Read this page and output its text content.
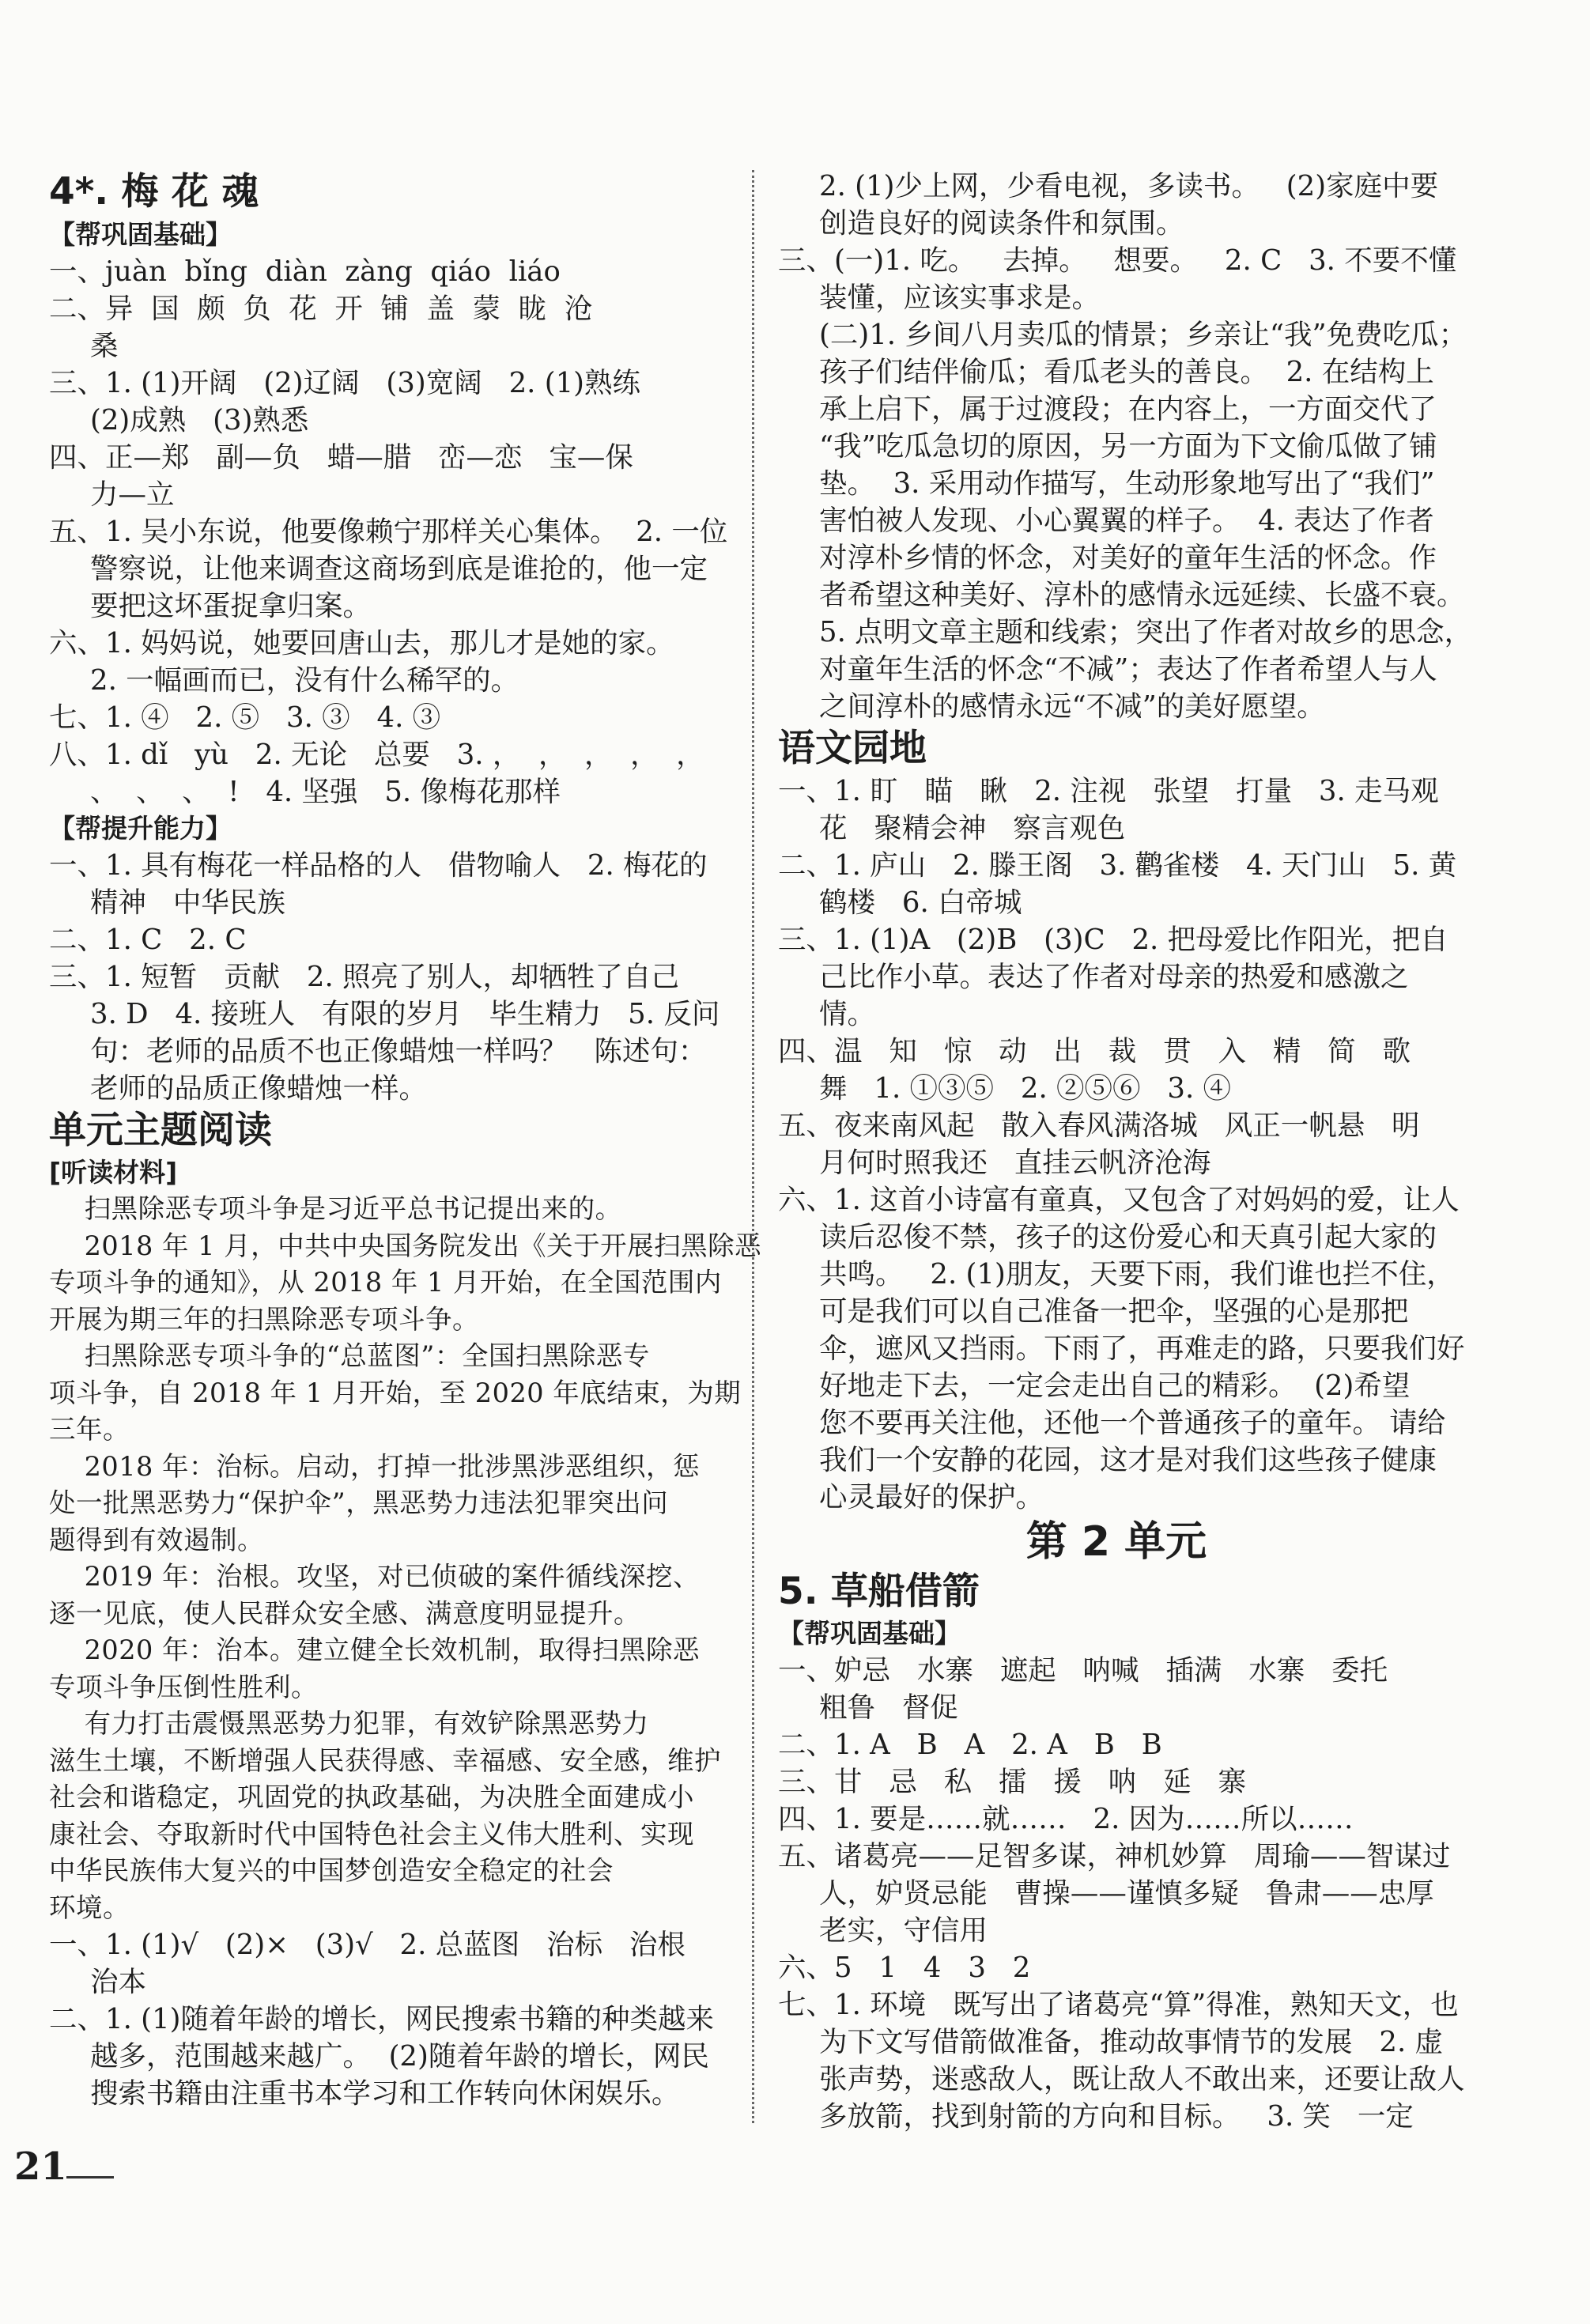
4*. 梅 花 魂
【帮巩固基础】
一、juàn  bǐng  diàn  zàng  qiáo  liáo
二、异  国  颇  负  花  开  铺  盖  蒙  眬  沧
桑
三、1. (1)开阔   (2)辽阔   (3)宽阔   2. (1)熟练
(2)成熟   (3)熟悉
四、正—郑   副—负   蜡—腊   峦—恋   宝—保
力—立
五、1. 吴小东说，他要像赖宁那样关心集体。  2. 一位
警察说，让他来调查这商场到底是谁抢的，他一定
要把这坏蛋捉拿归案。
六、1. 妈妈说，她要回唐山去，那儿才是她的家。
2. 一幅画而已，没有什么稀罕的。
七、1. ④   2. ⑤   3. ③   4. ③
八、1. dǐ   yù   2. 无论   总要   3. ，  ，  ，  ，  ，
、  、  、  !   4. 坚强   5. 像梅花那样
【帮提升能力】
一、1. 具有梅花一样品格的人   借物喻人   2. 梅花的
精神   中华民族
二、1. C   2. C
三、1. 短暂   贡献   2. 照亮了别人，却牺牲了自己
3. D   4. 接班人   有限的岁月   毕生精力   5. 反问
句：老师的品质不也正像蜡烛一样吗？   陈述句：
老师的品质正像蜡烛一样。
单元主题阅读
[听读材料]
扫黑除恶专项斗争是习近平总书记提出来的。
2018 年 1 月，中共中央国务院发出《关于开展扫黑除恶
专项斗争的通知》，从 2018 年 1 月开始，在全国范围内
开展为期三年的扫黑除恶专项斗争。
扫黑除恶专项斗争的“总蓝图”：全国扫黑除恶专
项斗争，自 2018 年 1 月开始，至 2020 年底结束，为期
三年。
2018 年：治标。启动，打掉一批涉黑涉恶组织，惩
处一批黑恶势力“保护伞”，黑恶势力违法犯罪突出问
题得到有效遏制。
2019 年：治根。攻坚，对已侦破的案件循线深挖、
逐一见底，使人民群众安全感、满意度明显提升。
2020 年：治本。建立健全长效机制，取得扫黑除恶
专项斗争压倒性胜利。
有力打击震慑黑恶势力犯罪，有效铲除黑恶势力
滋生土壤，不断增强人民获得感、幸福感、安全感，维护
社会和谐稳定，巩固党的执政基础，为决胜全面建成小
康社会、夺取新时代中国特色社会主义伟大胜利、实现
中华民族伟大复兴的中国梦创造安全稳定的社会
环境。
一、1. (1)√   (2)×   (3)√   2. 总蓝图   治标   治根
治本
二、1. (1)随着年龄的增长，网民搜索书籍的种类越来
越多，范围越来越广。  (2)随着年龄的增长，网民
搜索书籍由注重书本学习和工作转向休闲娱乐。
2. (1)少上网，少看电视，多读书。   (2)家庭中要
创造良好的阅读条件和氛围。
三、(一)1. 吃。   去掉。   想要。   2. C   3. 不要不懂
装懂，应该实事求是。
(二)1. 乡间八月卖瓜的情景；乡亲让“我”免费吃瓜；
孩子们结伴偷瓜；看瓜老头的善良。  2. 在结构上
承上启下，属于过渡段；在内容上，一方面交代了
“我”吃瓜急切的原因，另一方面为下文偷瓜做了铺
垫。  3. 采用动作描写，生动形象地写出了“我们”
害怕被人发现、小心翼翼的样子。  4. 表达了作者
对淳朴乡情的怀念，对美好的童年生活的怀念。作
者希望这种美好、淳朴的感情永远延续、长盛不衰。
5. 点明文章主题和线索；突出了作者对故乡的思念，
对童年生活的怀念“不减”；表达了作者希望人与人
之间淳朴的感情永远“不减”的美好愿望。
语文园地
一、1. 盯   瞄   瞅   2. 注视   张望   打量   3. 走马观
花   聚精会神   察言观色
二、1. 庐山   2. 滕王阁   3. 鹳雀楼   4. 天门山   5. 黄
鹤楼   6. 白帝城
三、1. (1)A   (2)B   (3)C   2. 把母爱比作阳光，把自
己比作小草。表达了作者对母亲的热爱和感激之
情。
四、温   知   惊   动   出   裁   贯   入   精   简   歌
舞   1. ①③⑤   2. ②⑤⑥   3. ④
五、夜来南风起   散入春风满洛城   风正一帆悬   明
月何时照我还   直挂云帆济沧海
六、1. 这首小诗富有童真，又包含了对妈妈的爱，让人
读后忍俊不禁，孩子的这份爱心和天真引起大家的
共鸣。   2. (1)朋友，天要下雨，我们谁也拦不住，
可是我们可以自己准备一把伞，坚强的心是那把
伞，遮风又挡雨。下雨了，再难走的路，只要我们好
好地走下去，一定会走出自己的精彩。  (2)希望
您不要再关注他，还他一个普通孩子的童年。 请给
我们一个安静的花园，这才是对我们这些孩子健康
心灵最好的保护。
第 2 单元
5. 草船借箭
【帮巩固基础】
一、妒忌   水寨   遮起   呐喊   插满   水寨   委托
粗鲁   督促
二、1. A   B   A   2. A   B   B
三、甘   忌   私   擂   援   呐   延   寨
四、1. 要是……就……   2. 因为……所以……
五、诸葛亮——足智多谋，神机妙算   周瑜——智谋过
人，妒贤忌能   曹操——谨慎多疑   鲁肃——忠厚
老实，守信用
六、5   1   4   3   2
七、1. 环境   既写出了诸葛亮“算”得准，熟知天文，也
为下文写借箭做准备，推动故事情节的发展   2. 虚
张声势，迷惑敌人，既让敌人不敢出来，还要让敌人
多放箭，找到射箭的方向和目标。   3. 笑   一定
21
